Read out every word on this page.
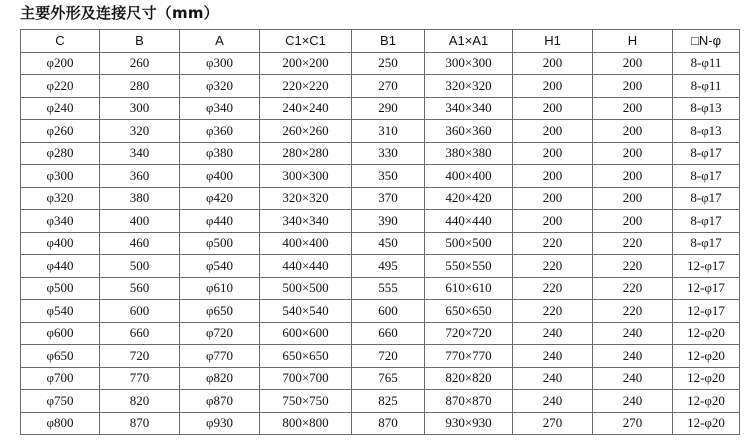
主要外形及连接尺寸（mm）
C	B	A	C1×C1	B1	A1×A1	H1	H	□N-φ
φ200	260	φ300	200×200	250	300×300	200	200	8-φ11
φ220	280	φ320	220×220	270	320×320	200	200	8-φ11
φ240	300	φ340	240×240	290	340×340	200	200	8-φ13
φ260	320	φ360	260×260	310	360×360	200	200	8-φ13
φ280	340	φ380	280×280	330	380×380	200	200	8-φ17
φ300	360	φ400	300×300	350	400×400	200	200	8-φ17
φ320	380	φ420	320×320	370	420×420	200	200	8-φ17
φ340	400	φ440	340×340	390	440×440	200	200	8-φ17
φ400	460	φ500	400×400	450	500×500	220	220	8-φ17
φ440	500	φ540	440×440	495	550×550	220	220	12-φ17
φ500	560	φ610	500×500	555	610×610	220	220	12-φ17
φ540	600	φ650	540×540	600	650×650	220	220	12-φ17
φ600	660	φ720	600×600	660	720×720	240	240	12-φ20
φ650	720	φ770	650×650	720	770×770	240	240	12-φ20
φ700	770	φ820	700×700	765	820×820	240	240	12-φ20
φ750	820	φ870	750×750	825	870×870	240	240	12-φ20
φ800	870	φ930	800×800	870	930×930	270	270	12-φ20
